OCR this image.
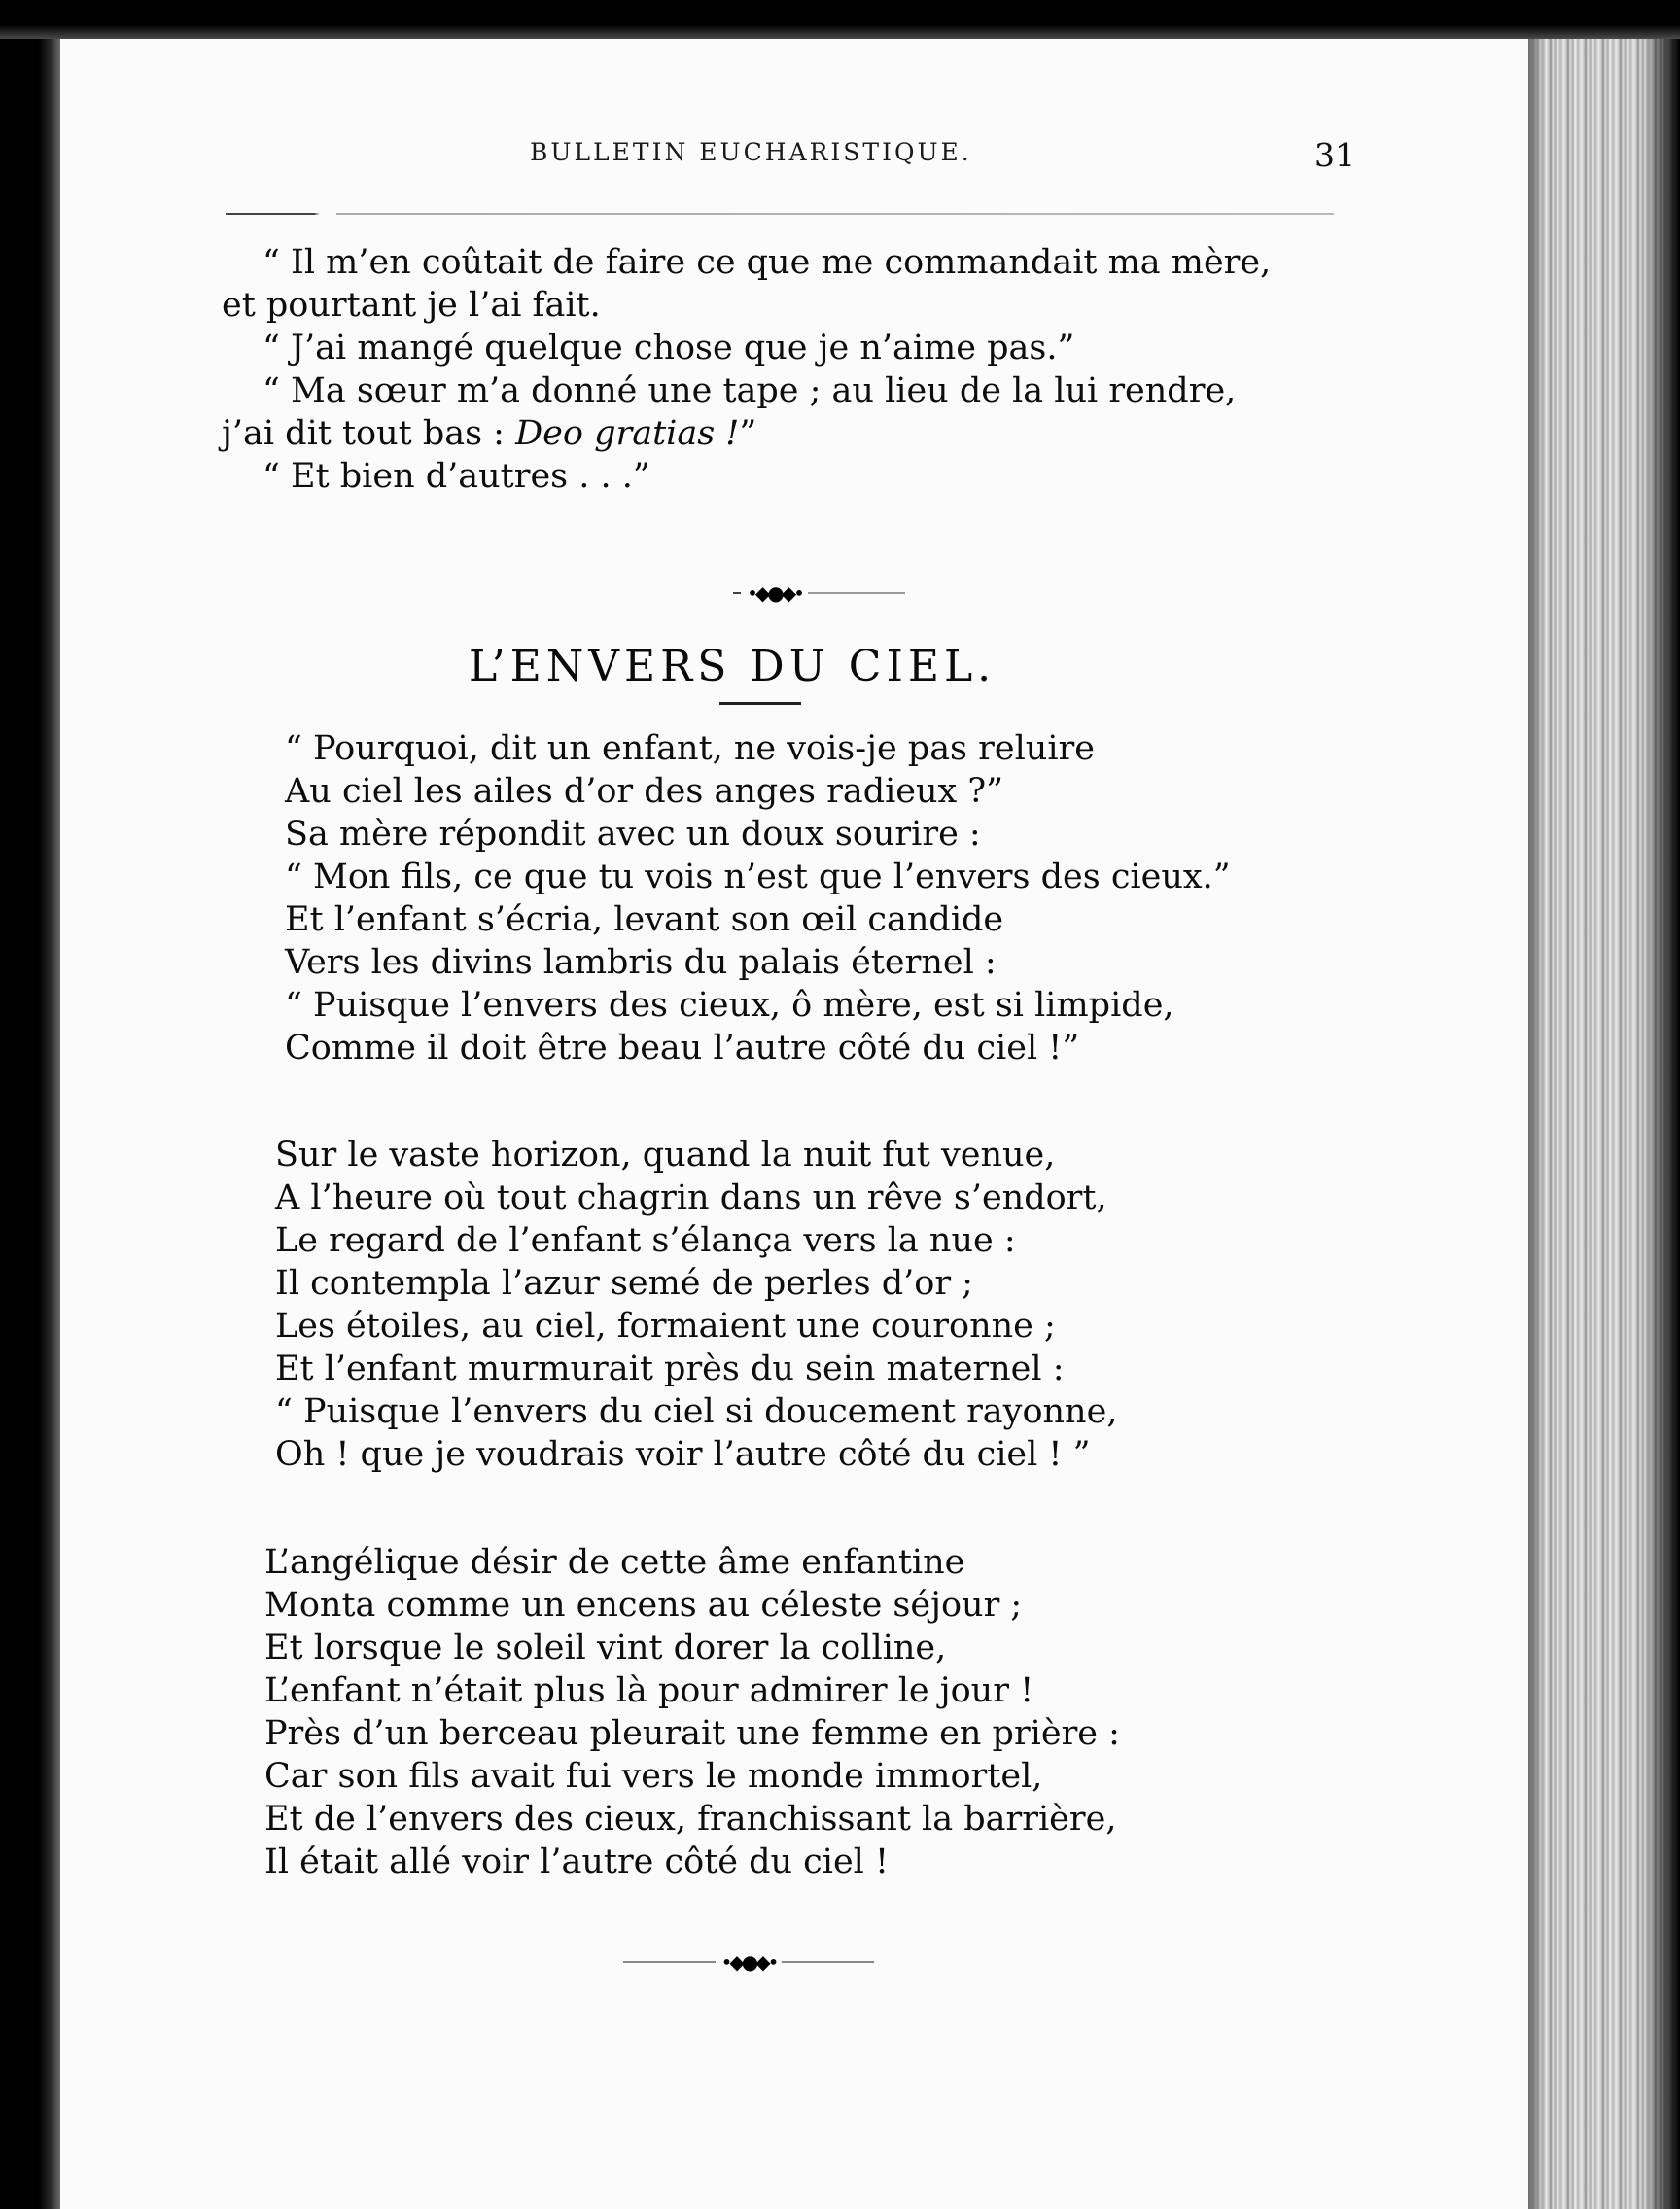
BULLETIN EUCHARISTIQUE.	31
“ Il m’en coûtait de faire ce que me commandait ma mère,
et pourtant je l’ai fait.
“ J’ai mangé quelque chose que je n’aime pas.”
“ Ma sœur m’a donné une tape ; au lieu de la lui rendre,
j’ai dit tout bas : Deo gratias !”
“ Et bien d’autres . . .”
•◆●◆•
L’ENVERS DU CIEL.
“ Pourquoi, dit un enfant, ne vois-je pas reluire
Au ciel les ailes d’or des anges radieux ?”
Sa mère répondit avec un doux sourire :
“ Mon fils, ce que tu vois n’est que l’envers des cieux.”
Et l’enfant s’écria, levant son œil candide
Vers les divins lambris du palais éternel :
“ Puisque l’envers des cieux, ô mère, est si limpide,
Comme il doit être beau l’autre côté du ciel !”
Sur le vaste horizon, quand la nuit fut venue,
A l’heure où tout chagrin dans un rêve s’endort,
Le regard de l’enfant s’élança vers la nue :
Il contempla l’azur semé de perles d’or ;
Les étoiles, au ciel, formaient une couronne ;
Et l’enfant murmurait près du sein maternel :
“ Puisque l’envers du ciel si doucement rayonne,
Oh ! que je voudrais voir l’autre côté du ciel ! ”
L’angélique désir de cette âme enfantine
Monta comme un encens au céleste séjour ;
Et lorsque le soleil vint dorer la colline,
L’enfant n’était plus là pour admirer le jour !
Près d’un berceau pleurait une femme en prière :
Car son fils avait fui vers le monde immortel,
Et de l’envers des cieux, franchissant la barrière,
Il était allé voir l’autre côté du ciel !
•◆●◆•
